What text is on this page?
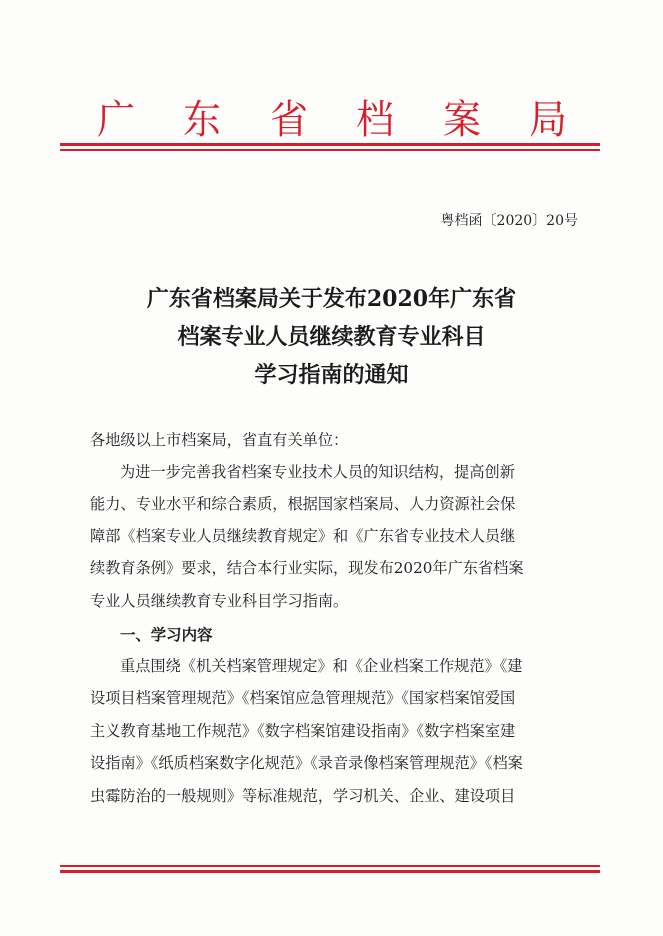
广 东 省 档 案 局
粤档函〔2020〕20号
广东省档案局关于发布2020年广东省
档案专业人员继续教育专业科目
学习指南的通知
各地级以上市档案局，省直有关单位：
为进一步完善我省档案专业技术人员的知识结构，提高创新
能力、专业水平和综合素质，根据国家档案局、人力资源社会保
障部《档案专业人员继续教育规定》和《广东省专业技术人员继
续教育条例》要求，结合本行业实际，现发布2020年广东省档案
专业人员继续教育专业科目学习指南。
一、学习内容
重点围绕《机关档案管理规定》和《企业档案工作规范》《建
设项目档案管理规范》《档案馆应急管理规范》《国家档案馆爱国
主义教育基地工作规范》《数字档案馆建设指南》《数字档案室建
设指南》《纸质档案数字化规范》《录音录像档案管理规范》《档案
虫霉防治的一般规则》等标准规范，学习机关、企业、建设项目
